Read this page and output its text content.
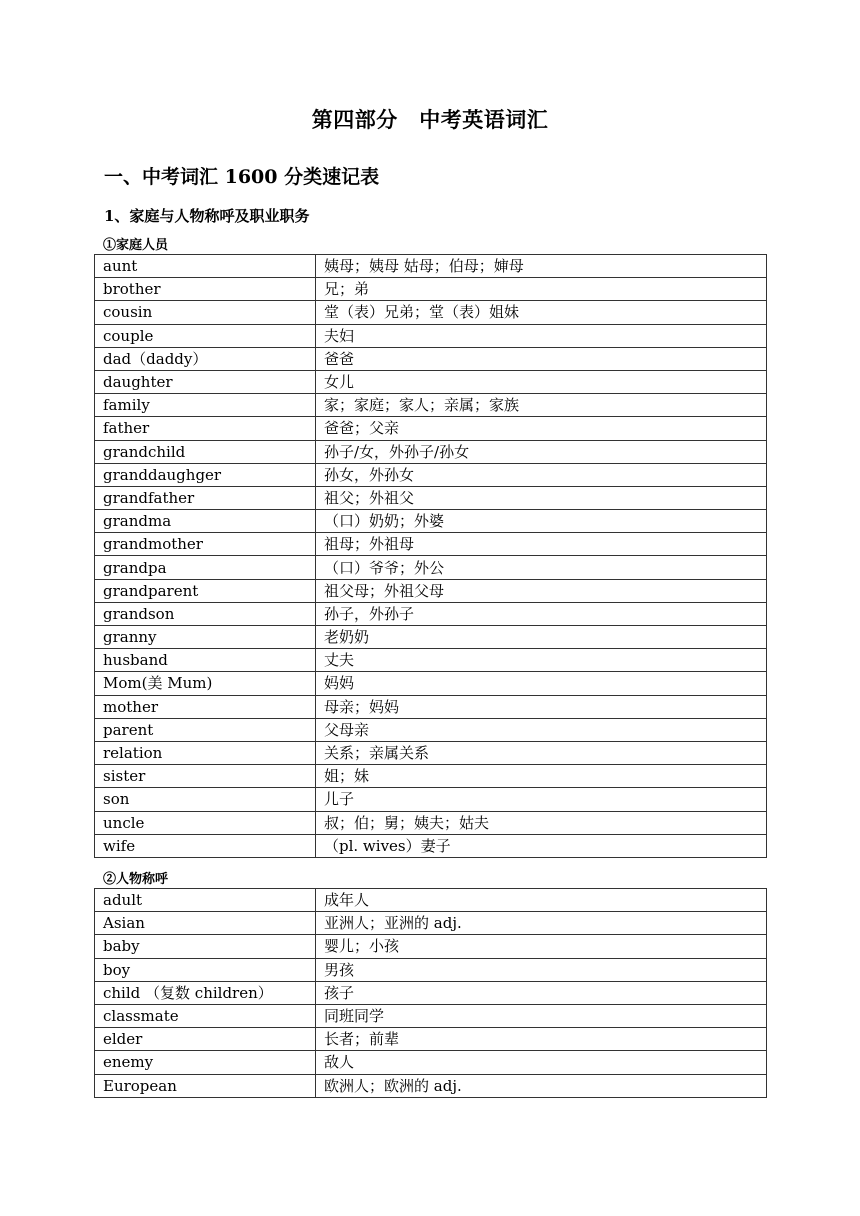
第四部分　中考英语词汇
一、中考词汇 1600 分类速记表
1、家庭与人物称呼及职业职务
①家庭人员
aunt	姨母；姨母 姑母；伯母；婶母
brother	兄；弟
cousin	堂（表）兄弟；堂（表）姐妹
couple	夫妇
dad（daddy）	爸爸
daughter	女儿
family	家；家庭；家人；亲属；家族
father	爸爸；父亲
grandchild	孙子/女，外孙子/孙女
granddaughger	孙女，外孙女
grandfather	祖父；外祖父
grandma	（口）奶奶；外婆
grandmother	祖母；外祖母
grandpa	（口）爷爷；外公
grandparent	祖父母；外祖父母
grandson	孙子，外孙子
granny	老奶奶
husband	丈夫
Mom(美 Mum)	妈妈
mother	母亲；妈妈
parent	父母亲
relation	关系；亲属关系
sister	姐；妹
son	儿子
uncle	叔；伯；舅；姨夫；姑夫
wife	（pl. wives）妻子
②人物称呼
adult	成年人
Asian	亚洲人；亚洲的 adj.
baby	婴儿；小孩
boy	男孩
child （复数 children）	孩子
classmate	同班同学
elder	长者；前辈
enemy	敌人
European	欧洲人；欧洲的 adj.
